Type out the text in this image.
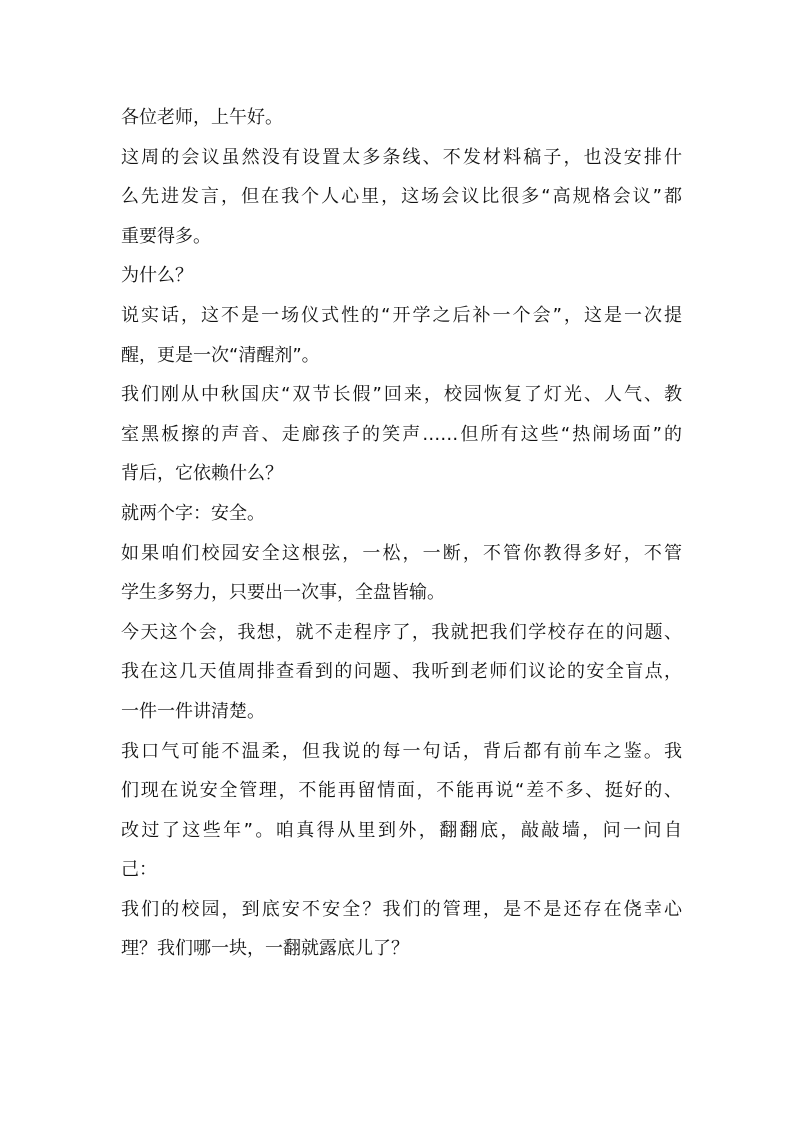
各位老师，上午好。
这周的会议虽然没有设置太多条线、不发材料稿子，也没安排什
么先进发言，但在我个人心里，这场会议比很多“高规格会议”都
重要得多。
为什么？
说实话，这不是一场仪式性的“开学之后补一个会”，这是一次提
醒，更是一次“清醒剂”。
我们刚从中秋国庆“双节长假”回来，校园恢复了灯光、人气、教
室黑板擦的声音、走廊孩子的笑声……但所有这些“热闹场面”的
背后，它依赖什么？
就两个字：安全。
如果咱们校园安全这根弦，一松，一断，不管你教得多好，不管
学生多努力，只要出一次事，全盘皆输。
今天这个会，我想，就不走程序了，我就把我们学校存在的问题、
我在这几天值周排查看到的问题、我听到老师们议论的安全盲点，
一件一件讲清楚。
我口气可能不温柔，但我说的每一句话，背后都有前车之鉴。我
们现在说安全管理，不能再留情面，不能再说“差不多、挺好的、
改过了这些年”。咱真得从里到外，翻翻底，敲敲墙，问一问自
己：
我们的校园，到底安不安全？我们的管理，是不是还存在侥幸心
理？我们哪一块，一翻就露底儿了？
